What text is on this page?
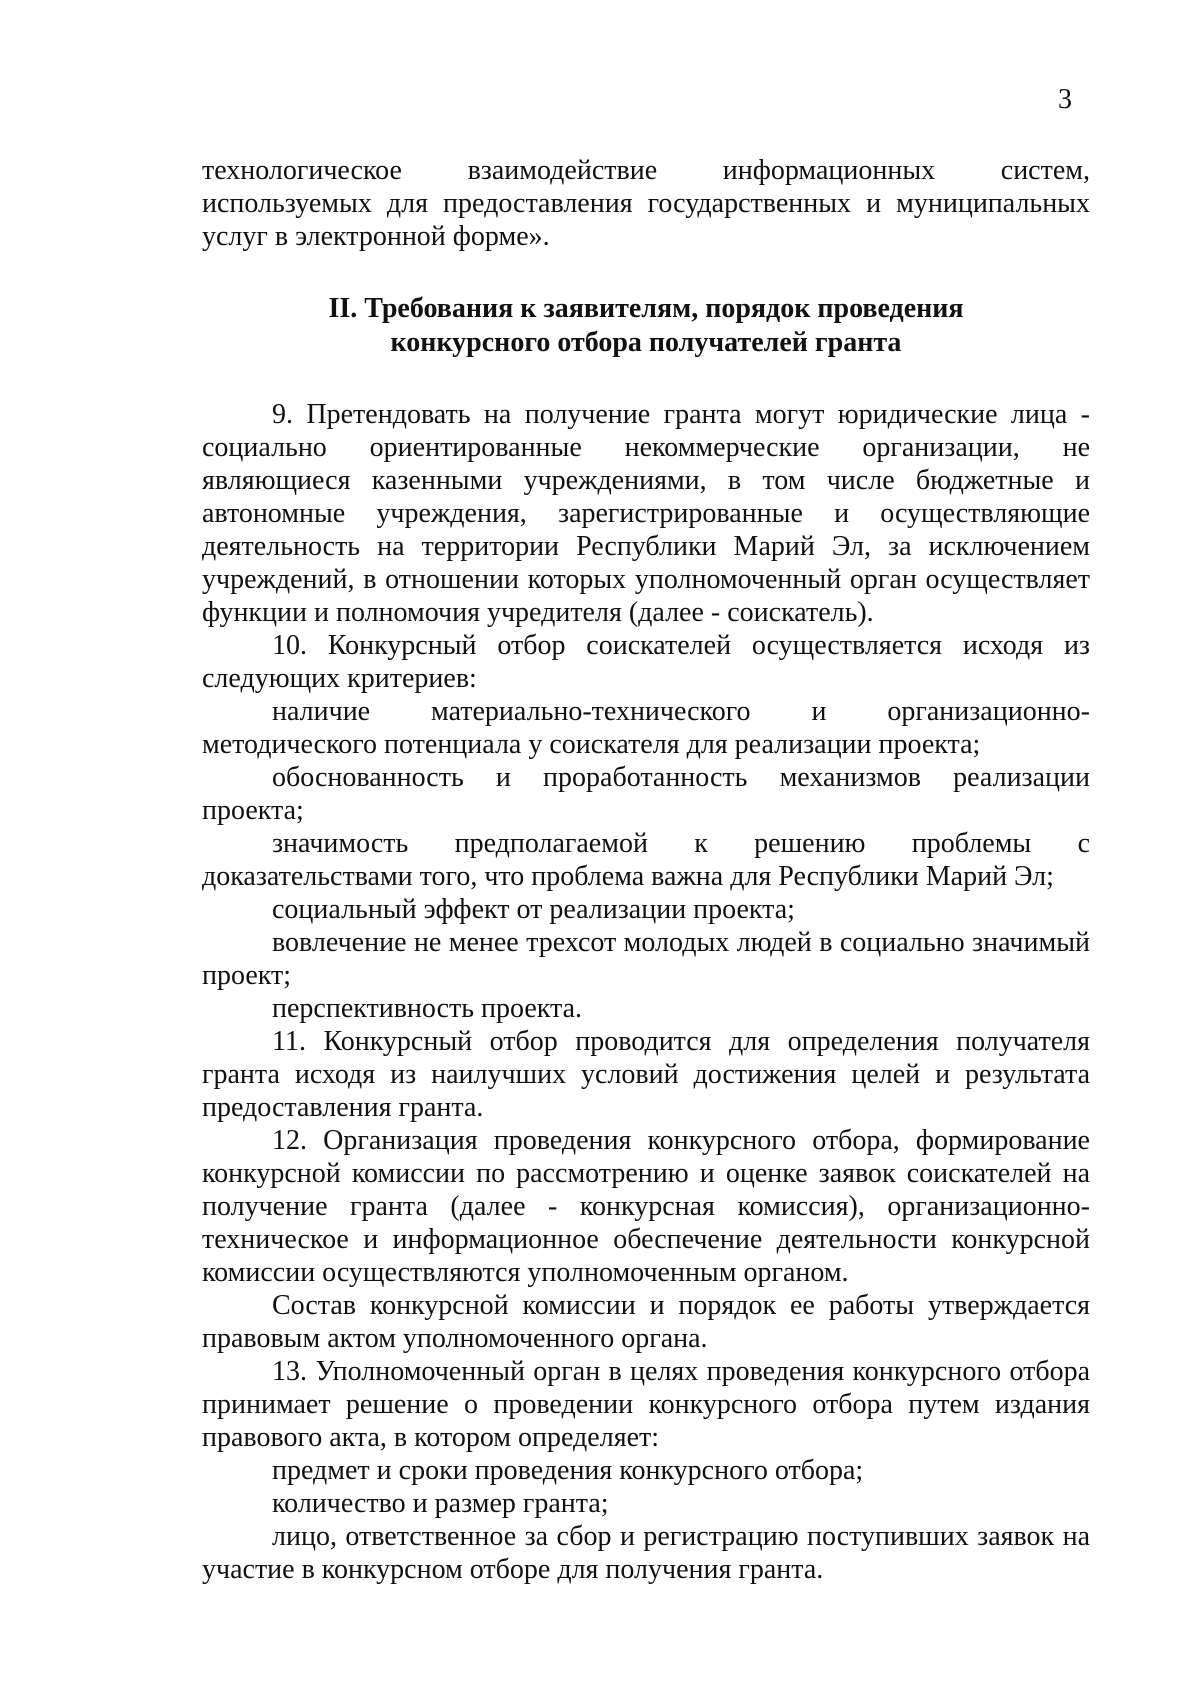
3

технологическое взаимодействие информационных систем, используемых для предоставления государственных и муниципальных услуг в электронной форме».

II. Требования к заявителям, порядок проведения
конкурсного отбора получателей гранта

9. Претендовать на получение гранта могут юридические лица - социально ориентированные некоммерческие организации, не являющиеся казенными учреждениями, в том числе бюджетные и автономные учреждения, зарегистрированные и осуществляющие деятельность на территории Республики Марий Эл, за исключением учреждений, в отношении которых уполномоченный орган осуществляет функции и полномочия учредителя (далее - соискатель).

10. Конкурсный отбор соискателей осуществляется исходя из следующих критериев:

наличие материально-технического и организационно-методического потенциала у соискателя для реализации проекта;

обоснованность и проработанность механизмов реализации проекта;

значимость предполагаемой к решению проблемы с доказательствами того, что проблема важна для Республики Марий Эл;

социальный эффект от реализации проекта;

вовлечение не менее трехсот молодых людей в социально значимый проект;

перспективность проекта.

11. Конкурсный отбор проводится для определения получателя гранта исходя из наилучших условий достижения целей и результата предоставления гранта.

12. Организация проведения конкурсного отбора, формирование конкурсной комиссии по рассмотрению и оценке заявок соискателей на получение гранта (далее - конкурсная комиссия), организационно-техническое и информационное обеспечение деятельности конкурсной комиссии осуществляются уполномоченным органом.

Состав конкурсной комиссии и порядок ее работы утверждается правовым актом уполномоченного органа.

13. Уполномоченный орган в целях проведения конкурсного отбора принимает решение о проведении конкурсного отбора путем издания правового акта, в котором определяет:

предмет и сроки проведения конкурсного отбора;

количество и размер гранта;

лицо, ответственное за сбор и регистрацию поступивших заявок на участие в конкурсном отборе для получения гранта.
